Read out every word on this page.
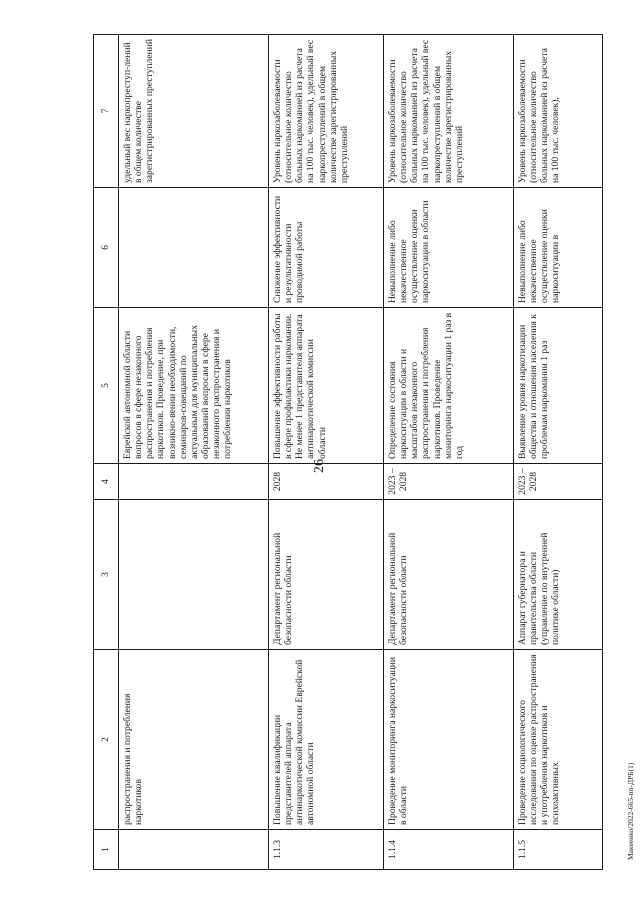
26
1	2	3	4	5	6	7
	распространения и потребления наркотиков			Еврейской автономной области вопросов в сфере незаконного распространения и потребления наркотиков. Проведение, при возникно-вении необходимости, семинаров-совещаний по актуальным для муниципальных образований вопросам в сфере незаконного распространения и потребления наркотиков		удельный вес наркопреступ-лений в общем количестве зарегистрированных преступлений
1.1.3	Повышение квалификации представителей аппарата антинаркотической комиссии Еврейской автономной области	Департамент региональной безопасности области	2028	Повышение эффективности работы в сфере профилактики наркомании. Не менее 1 представителя аппарата антинаркотической комиссии области	Снижение эффективности и результативности проводимой работы	Уровень наркозаболеваемости (относительное количество больных наркоманией из расчета на 100 тыс. человек), удельный вес наркопреступлений в общем количестве зарегистрированных преступлений
1.1.4	Проведение мониторинга наркоситуации в области	Департамент региональной безопасности области	2023 – 2028	Определение состояния наркоситуации в области и масштабов незаконного распространения и потребления наркотиков. Проведение мониторинга наркоситуации 1 раз в год	Невыполнение либо некачественное осуществление оценки наркоситуации в области	Уровень наркозаболеваемости (относительное количество больных наркоманией из расчета на 100 тыс. человек), удельный вес наркопреступлений в общем количестве зарегистрированных преступлений
1.1.5	Проведение социологического исследования по оценке распространения и употребления наркотиков и психоактивных	Аппарат губернатора и правительства области (управление по внутренней политике области)	2023 – 2028	Выявление уровня наркотизации общества и отношения населения к проблемам наркомании 1 раз	Невыполнение либо некачественное осуществление оценки наркоситуации в	Уровень наркозаболеваемости (относительное количество больных наркоманией из расчета на 100 тыс. человек),
Макеенко/2022-665-пп-ДРБ(1)
